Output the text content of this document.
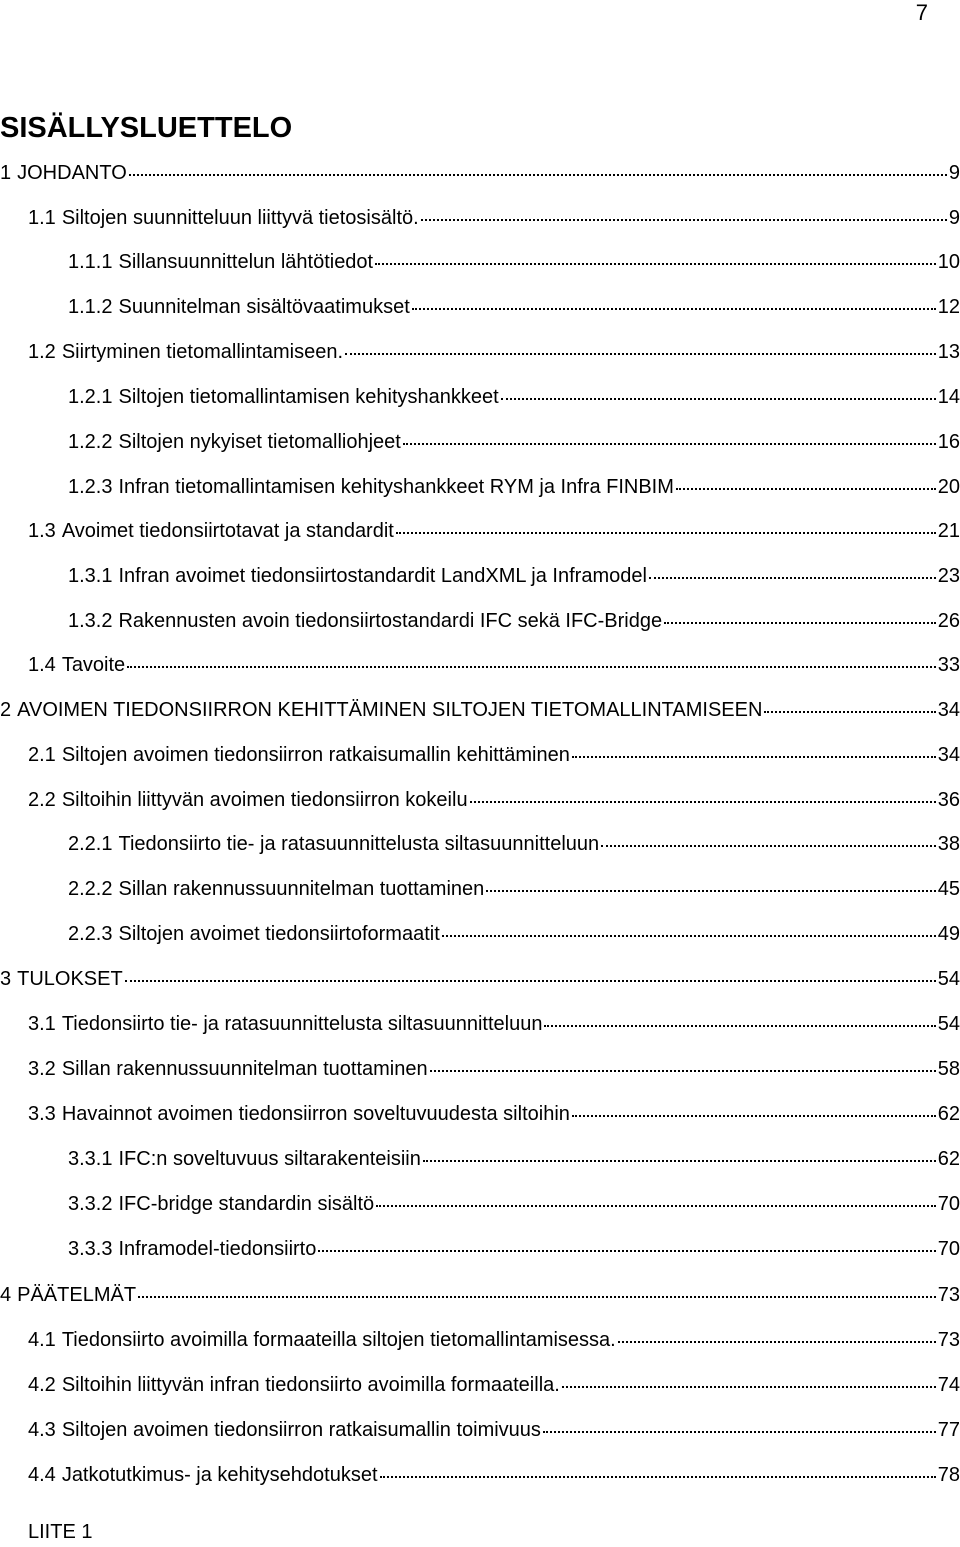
7
SISÄLLYSLUETTELO
1 JOHDANTO	9
1.1 Siltojen suunnitteluun liittyvä tietosisältö.	9
1.1.1 Sillansuunnittelun lähtötiedot	10
1.1.2 Suunnitelman sisältövaatimukset	12
1.2 Siirtyminen tietomallintamiseen.	13
1.2.1 Siltojen tietomallintamisen kehityshankkeet	14
1.2.2 Siltojen nykyiset tietomalliohjeet	16
1.2.3 Infran tietomallintamisen kehityshankkeet RYM ja Infra FINBIM	20
1.3 Avoimet tiedonsiirtotavat ja standardit	21
1.3.1 Infran avoimet tiedonsiirtostandardit LandXML ja Inframodel	23
1.3.2 Rakennusten avoin tiedonsiirtostandardi IFC sekä IFC-Bridge	26
1.4 Tavoite	33
2 AVOIMEN TIEDONSIIRRON KEHITTÄMINEN SILTOJEN TIETOMALLINTAMISEEN	34
2.1 Siltojen avoimen tiedonsiirron ratkaisumallin kehittäminen	34
2.2 Siltoihin liittyvän avoimen tiedonsiirron kokeilu	36
2.2.1 Tiedonsiirto tie- ja ratasuunnittelusta siltasuunnitteluun	38
2.2.2 Sillan rakennussuunnitelman tuottaminen	45
2.2.3 Siltojen avoimet tiedonsiirtoformaatit	49
3 TULOKSET	54
3.1 Tiedonsiirto tie- ja ratasuunnittelusta siltasuunnitteluun	54
3.2 Sillan rakennussuunnitelman tuottaminen	58
3.3 Havainnot avoimen tiedonsiirron soveltuvuudesta siltoihin	62
3.3.1 IFC:n soveltuvuus siltarakenteisiin	62
3.3.2 IFC-bridge standardin sisältö	70
3.3.3 Inframodel-tiedonsiirto	70
4 PÄÄTELMÄT	73
4.1 Tiedonsiirto avoimilla formaateilla siltojen tietomallintamisessa.	73
4.2 Siltoihin liittyvän infran tiedonsiirto avoimilla formaateilla.	74
4.3 Siltojen avoimen tiedonsiirron ratkaisumallin toimivuus	77
4.4 Jatkotutkimus- ja kehitysehdotukset	78
LIITE 1
